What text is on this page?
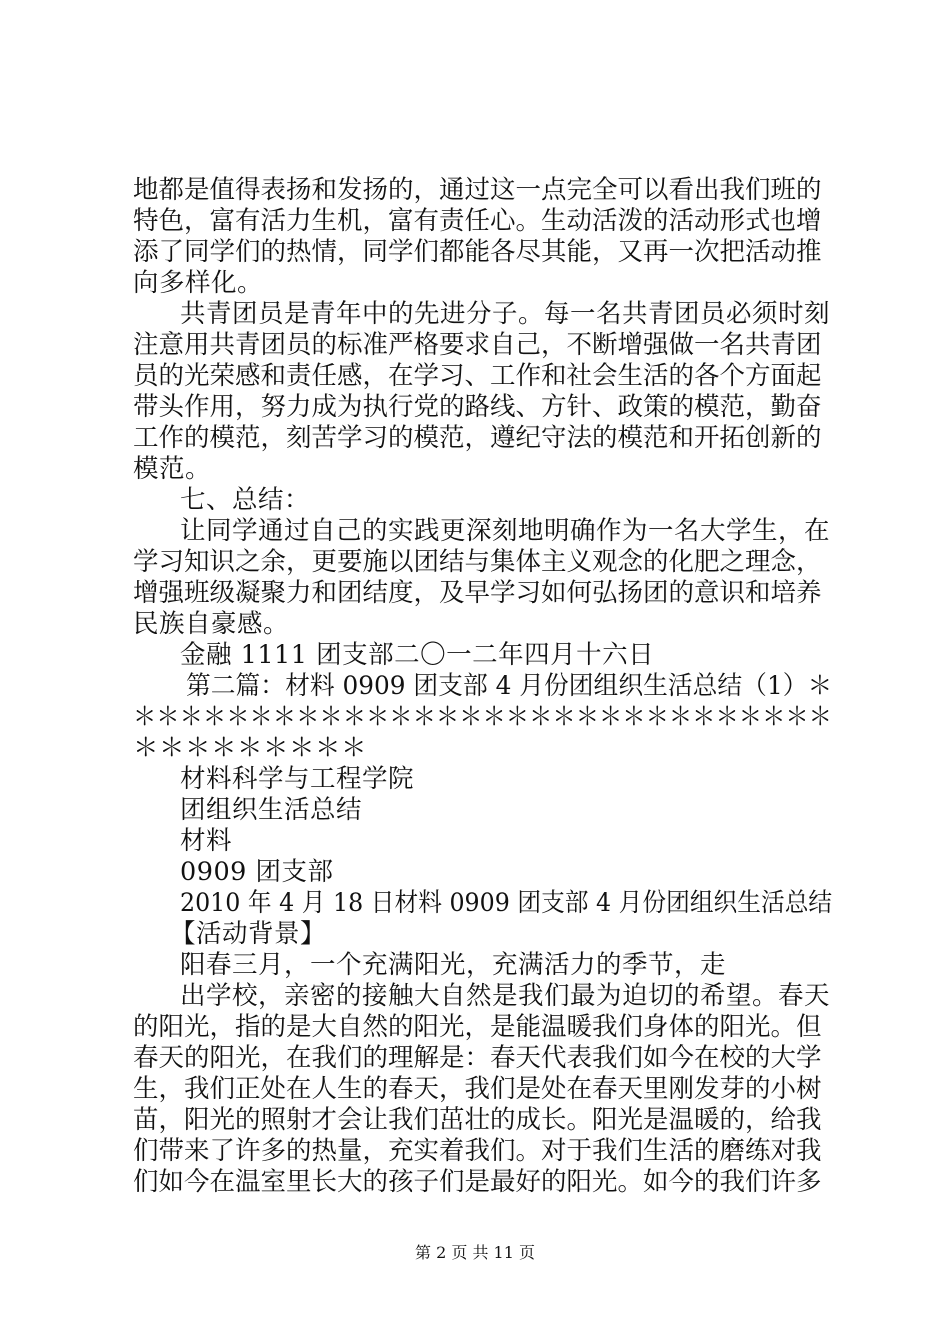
地都是值得表扬和发扬的，通过这一点完全可以看出我们班的
特色，富有活力生机，富有责任心。生动活泼的活动形式也增
添了同学们的热情，同学们都能各尽其能，又再一次把活动推
向多样化。
共青团员是青年中的先进分子。每一名共青团员必须时刻
注意用共青团员的标准严格要求自己，不断增强做一名共青团
员的光荣感和责任感，在学习、工作和社会生活的各个方面起
带头作用，努力成为执行党的路线、方针、政策的模范，勤奋
工作的模范，刻苦学习的模范，遵纪守法的模范和开拓创新的
模范。
七、总结：
让同学通过自己的实践更深刻地明确作为一名大学生，在
学习知识之余，更要施以团结与集体主义观念的化肥之理念，
增强班级凝聚力和团结度，及早学习如何弘扬团的意识和培养
民族自豪感。
金融 1111 团支部二〇一二年四月十六日
第二篇：材料 0909 团支部 4 月份团组织生活总结（1）＊
＊＊＊＊＊＊＊＊＊＊＊＊＊＊＊＊＊＊＊＊＊＊＊＊＊＊＊＊＊＊
＊＊＊＊＊＊＊＊＊
材料科学与工程学院
团组织生活总结
材料
0909 团支部
2010 年 4 月 18 日材料 0909 团支部 4 月份团组织生活总结
【活动背景】
阳春三月，一个充满阳光，充满活力的季节，走
出学校，亲密的接触大自然是我们最为迫切的希望。春天
的阳光，指的是大自然的阳光，是能温暖我们身体的阳光。但
春天的阳光，在我们的理解是：春天代表我们如今在校的大学
生，我们正处在人生的春天，我们是处在春天里刚发芽的小树
苗，阳光的照射才会让我们茁壮的成长。阳光是温暖的，给我
们带来了许多的热量，充实着我们。对于我们生活的磨练对我
们如今在温室里长大的孩子们是最好的阳光。如今的我们许多
第 2 页 共 11 页
